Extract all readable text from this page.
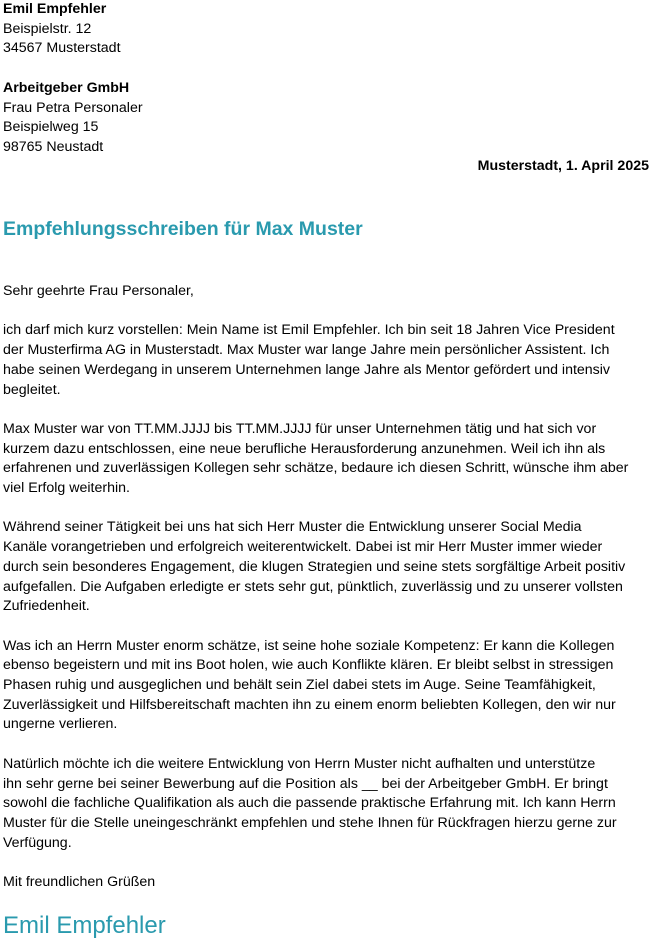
Emil Empfehler
Beispielstr. 12
34567 Musterstadt
Arbeitgeber GmbH
Frau Petra Personaler
Beispielweg 15
98765 Neustadt
Musterstadt, 1. April 2025
Empfehlungsschreiben für Max Muster
Sehr geehrte Frau Personaler,
ich darf mich kurz vorstellen: Mein Name ist Emil Empfehler. Ich bin seit 18 Jahren Vice President
der Musterfirma AG in Musterstadt. Max Muster war lange Jahre mein persönlicher Assistent. Ich
habe seinen Werdegang in unserem Unternehmen lange Jahre als Mentor gefördert und intensiv
begleitet.
Max Muster war von TT.MM.JJJJ bis TT.MM.JJJJ für unser Unternehmen tätig und hat sich vor
kurzem dazu entschlossen, eine neue berufliche Herausforderung anzunehmen. Weil ich ihn als
erfahrenen und zuverlässigen Kollegen sehr schätze, bedaure ich diesen Schritt, wünsche ihm aber
viel Erfolg weiterhin.
Während seiner Tätigkeit bei uns hat sich Herr Muster die Entwicklung unserer Social Media
Kanäle vorangetrieben und erfolgreich weiterentwickelt. Dabei ist mir Herr Muster immer wieder
durch sein besonderes Engagement, die klugen Strategien und seine stets sorgfältige Arbeit positiv
aufgefallen. Die Aufgaben erledigte er stets sehr gut, pünktlich, zuverlässig und zu unserer vollsten
Zufriedenheit.
Was ich an Herrn Muster enorm schätze, ist seine hohe soziale Kompetenz: Er kann die Kollegen
ebenso begeistern und mit ins Boot holen, wie auch Konflikte klären. Er bleibt selbst in stressigen
Phasen ruhig und ausgeglichen und behält sein Ziel dabei stets im Auge. Seine Teamfähigkeit,
Zuverlässigkeit und Hilfsbereitschaft machten ihn zu einem enorm beliebten Kollegen, den wir nur
ungerne verlieren.
Natürlich möchte ich die weitere Entwicklung von Herrn Muster nicht aufhalten und unterstütze
ihn sehr gerne bei seiner Bewerbung auf die Position als __ bei der Arbeitgeber GmbH. Er bringt
sowohl die fachliche Qualifikation als auch die passende praktische Erfahrung mit. Ich kann Herrn
Muster für die Stelle uneingeschränkt empfehlen und stehe Ihnen für Rückfragen hierzu gerne zur
Verfügung.
Mit freundlichen Grüßen
Emil Empfehler
